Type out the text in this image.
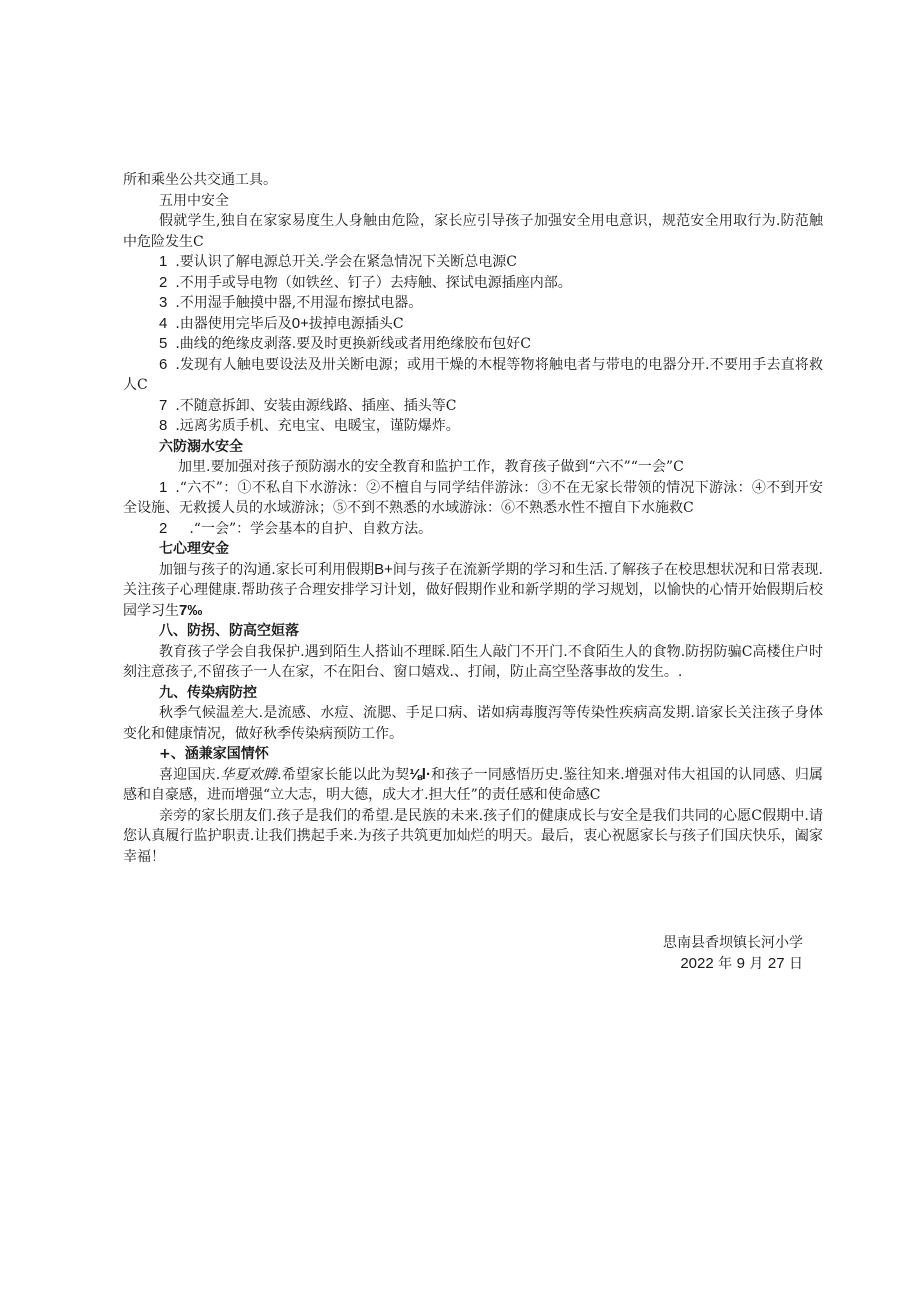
所和乘坐公共交通工具。

五用中安全

假就学生,独自在家家易度生人身触由危险，家长应引导孩子加强安全用电意识，规范安全用取行为.防范触中危险发生C

1 .要认识了解电源总开关.学会在紧急情况下关断总电源C

2 .不用手或导电物（如铁丝、钉子）去痔触、探试电源插座内部。

3 .不用湿手触摸中器,不用湿布擦拭电器。

4 .由器使用完毕后及0+拔掉电源插头C

5 .曲线的绝缘皮剥落.要及时更换新线或者用绝缘胶布包好C

6 .发现有人触电要设法及卅关断电源；或用干燥的木棍等物将触电者与带电的电器分开.不要用手去直将救人C

7 .不随意拆卸、安装由源线路、插座、插头等C

8 .远离劣质手机、充电宝、电暖宝，谨防爆炸。

六防溺水安全

加里.要加强对孩子预防溺水的安全教育和监护工作，教育孩子做到“六不”“一会”C

1 .“六不”：①不私自下水游泳：②不檀自与同学结伴游泳：③不在无家长带领的情况下游泳：④不到开安全设施、无救援人员的水域游泳；⑤不到不熟悉的水域游泳：⑥不熟悉水性不擅自下水施救C

2 .“一会”：学会基本的自护、自救方法。

七心理安金

加钿与孩子的沟通.家长可利用假期B+间与孩子在流新学期的学习和生活.了解孩子在校思想状况和日常表现.关注孩子心理健康.帮助孩子合理安排学习计划，做好假期作业和新学期的学习规划，以愉快的心情开始假期后校园学习生7‰

八、防拐、防高空姮落

教育孩子学会自我保护.遇到陌生人搭讪不理睬.陌生人敲门不开门.不食陌生人的食物.防拐防骗C高楼住户时刻注意孩子,不留孩子一人在家，不在阳台、窗口嬉戏.、打闹，防止高空坠落事故的发生。.

九、传染病防控

秋季气候温差大.是流感、水痘、流腮、手足口病、诺如病毒腹泻等传染性疾病高发期.谙家长关注孩子身体变化和健康情况，做好秋季传染病预防工作。

+、涵兼家国情怀

喜迎国庆.华夏欢腾.希望家长能以此为契⅛l·和孩子一同感悟历史.鉴往知来.增强对伟大祖国的认同感、归属感和自豪感，进而增强“立大志，明大德，成大才.担大任”的责任感和使命感C

亲旁的家长朋友们.孩子是我们的希望.是民族的未来.孩子们的健康成长与安全是我们共同的心愿C假期中.请您认真履行监护职责.让我们携起手来.为孩子共筑更加灿烂的明天。最后，衷心祝愿家长与孩子们国庆快乐，阖家幸福！

思南县香坝镇长河小学
2022 年 9 月 27 日
